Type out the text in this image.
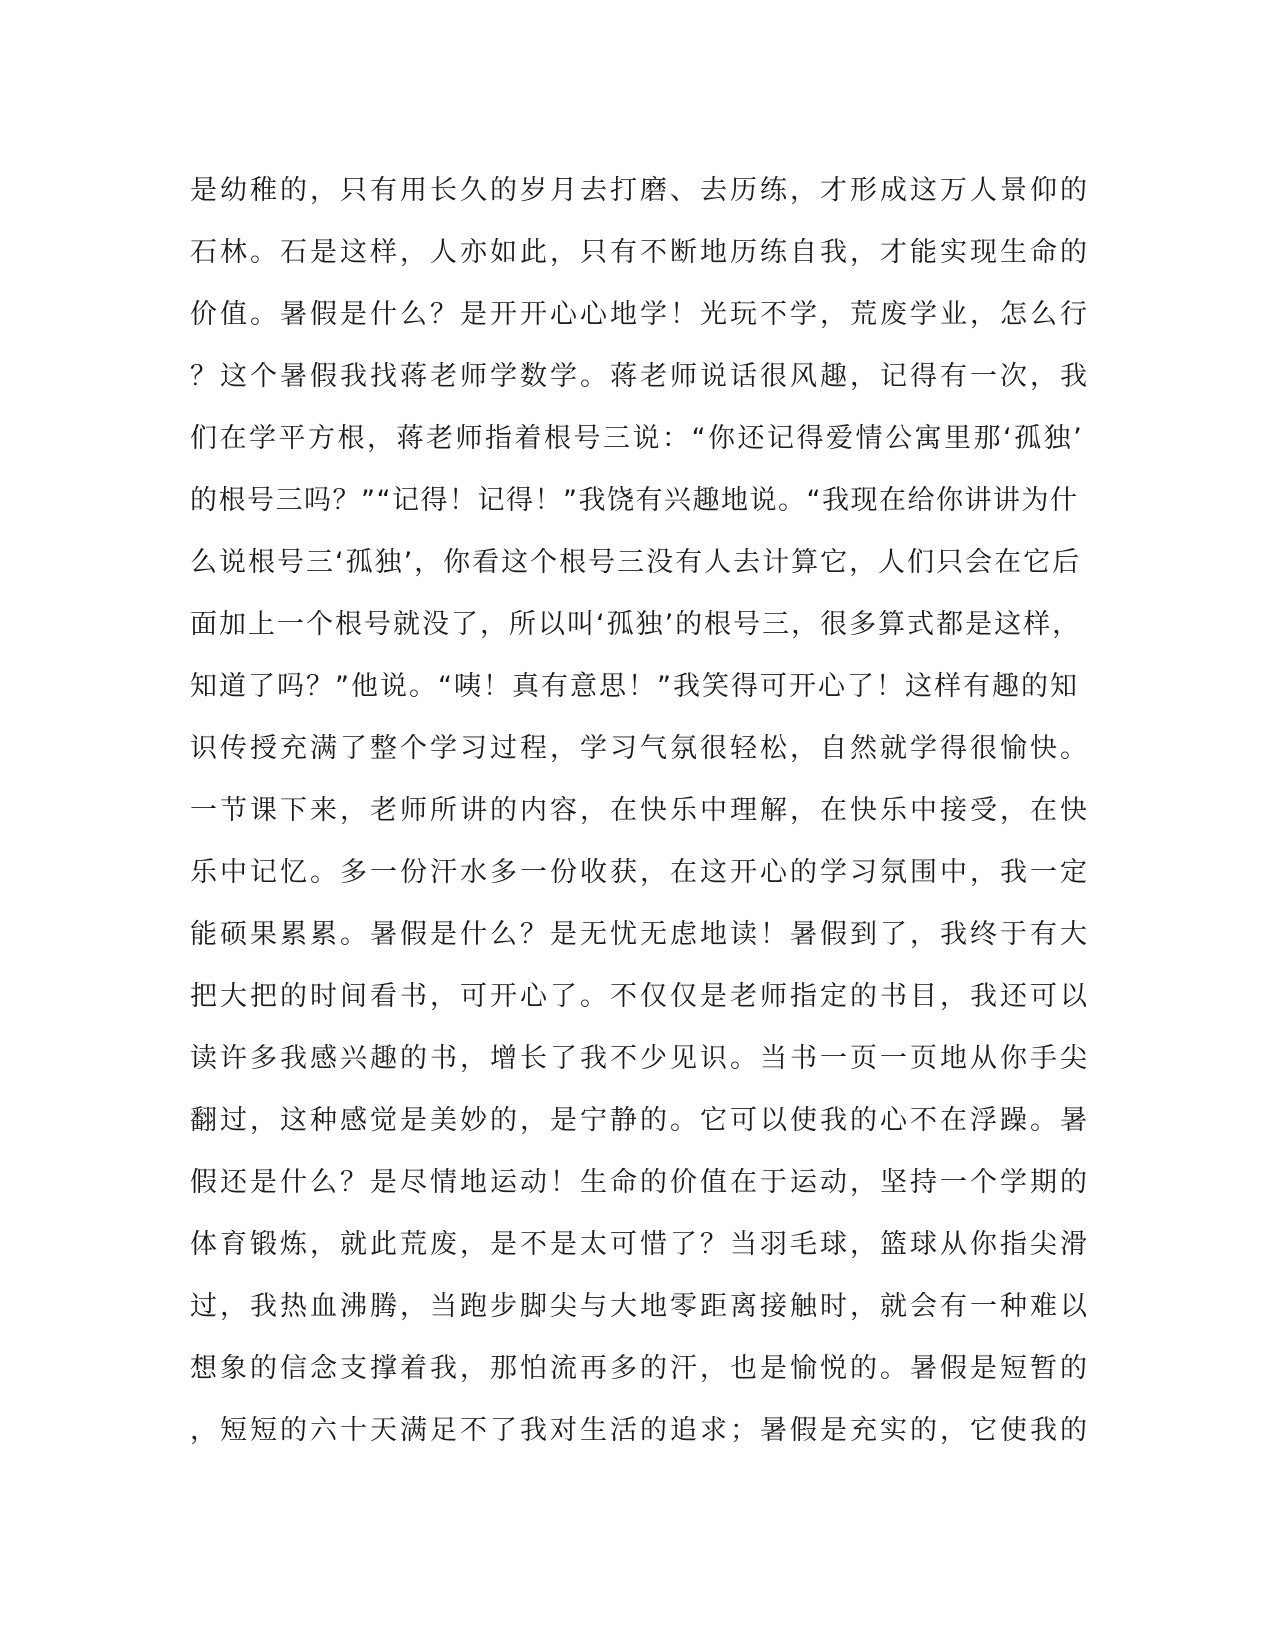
是幼稚的，只有用长久的岁月去打磨、去历练，才形成这万人景仰的
石林。石是这样，人亦如此，只有不断地历练自我，才能实现生命的
价值。暑假是什么？是开开心心地学！光玩不学，荒废学业，怎么行
？这个暑假我找蒋老师学数学。蒋老师说话很风趣，记得有一次，我
们在学平方根，蒋老师指着根号三说：“你还记得爱情公寓里那‘孤独’
的根号三吗？”“记得！记得！”我饶有兴趣地说。“我现在给你讲讲为什
么说根号三‘孤独’，你看这个根号三没有人去计算它，人们只会在它后
面加上一个根号就没了，所以叫‘孤独’的根号三，很多算式都是这样，
知道了吗？”他说。“咦！真有意思！”我笑得可开心了！这样有趣的知
识传授充满了整个学习过程，学习气氛很轻松，自然就学得很愉快。
一节课下来，老师所讲的内容，在快乐中理解，在快乐中接受，在快
乐中记忆。多一份汗水多一份收获，在这开心的学习氛围中，我一定
能硕果累累。暑假是什么？是无忧无虑地读！暑假到了，我终于有大
把大把的时间看书，可开心了。不仅仅是老师指定的书目，我还可以
读许多我感兴趣的书，增长了我不少见识。当书一页一页地从你手尖
翻过，这种感觉是美妙的，是宁静的。它可以使我的心不在浮躁。暑
假还是什么？是尽情地运动！生命的价值在于运动，坚持一个学期的
体育锻炼，就此荒废，是不是太可惜了？当羽毛球，篮球从你指尖滑
过，我热血沸腾，当跑步脚尖与大地零距离接触时，就会有一种难以
想象的信念支撑着我，那怕流再多的汗，也是愉悦的。暑假是短暂的
，短短的六十天满足不了我对生活的追求；暑假是充实的，它使我的
